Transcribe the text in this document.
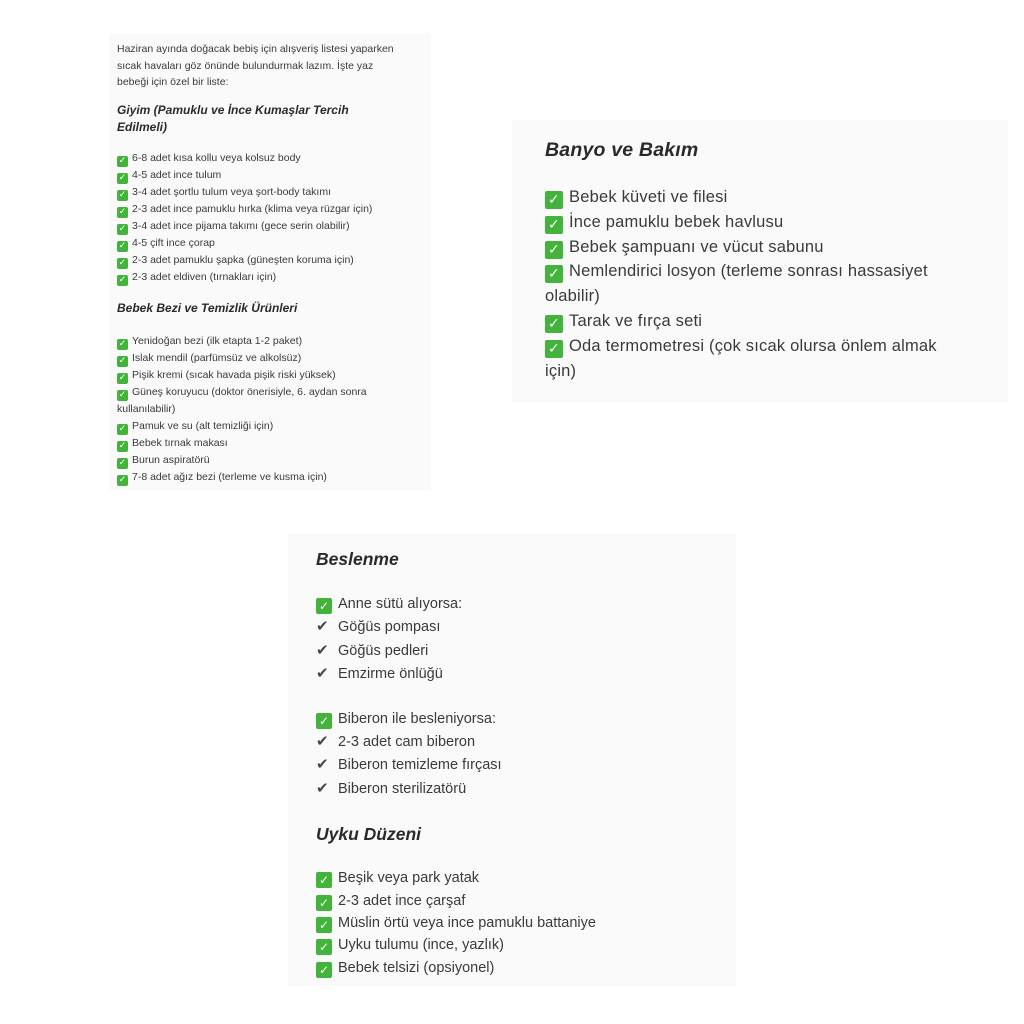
Haziran ayında doğacak bebiş için alışveriş listesi yaparken sıcak havaları göz önünde bulundurmak lazım. İşte yaz bebeği için özel bir liste:

Giyim (Pamuklu ve İnce Kumaşlar Tercih Edilmeli)

✓ 6-8 adet kısa kollu veya kolsuz body
✓ 4-5 adet ince tulum
✓ 3-4 adet şortlu tulum veya şort-body takımı
✓ 2-3 adet ince pamuklu hırka (klima veya rüzgar için)
✓ 3-4 adet ince pijama takımı (gece serin olabilir)
✓ 4-5 çift ince çorap
✓ 2-3 adet pamuklu şapka (güneşten koruma için)
✓ 2-3 adet eldiven (tırnakları için)

Bebek Bezi ve Temizlik Ürünleri

✓ Yenidoğan bezi (ilk etapta 1-2 paket)
✓ Islak mendil (parfümsüz ve alkolsüz)
✓ Pişik kremi (sıcak havada pişik riski yüksek)
✓ Güneş koruyucu (doktor önerisiyle, 6. aydan sonra kullanılabilir)
✓ Pamuk ve su (alt temizliği için)
✓ Bebek tırnak makası
✓ Burun aspiratörü
✓ 7-8 adet ağız bezi (terleme ve kusma için)

Banyo ve Bakım

✓ Bebek küveti ve filesi
✓ İnce pamuklu bebek havlusu
✓ Bebek şampuanı ve vücut sabunu
✓ Nemlendirici losyon (terleme sonrası hassasiyet olabilir)
✓ Tarak ve fırça seti
✓ Oda termometresi (çok sıcak olursa önlem almak için)

Beslenme

✓ Anne sütü alıyorsa:
✔ Göğüs pompası
✔ Göğüs pedleri
✔ Emzirme önlüğü
✓ Biberon ile besleniyorsa:
✔ 2-3 adet cam biberon
✔ Biberon temizleme fırçası
✔ Biberon sterilizatörü

Uyku Düzeni

✓ Beşik veya park yatak
✓ 2-3 adet ince çarşaf
✓ Müslin örtü veya ince pamuklu battaniye
✓ Uyku tulumu (ince, yazlık)
✓ Bebek telsizi (opsiyonel)
